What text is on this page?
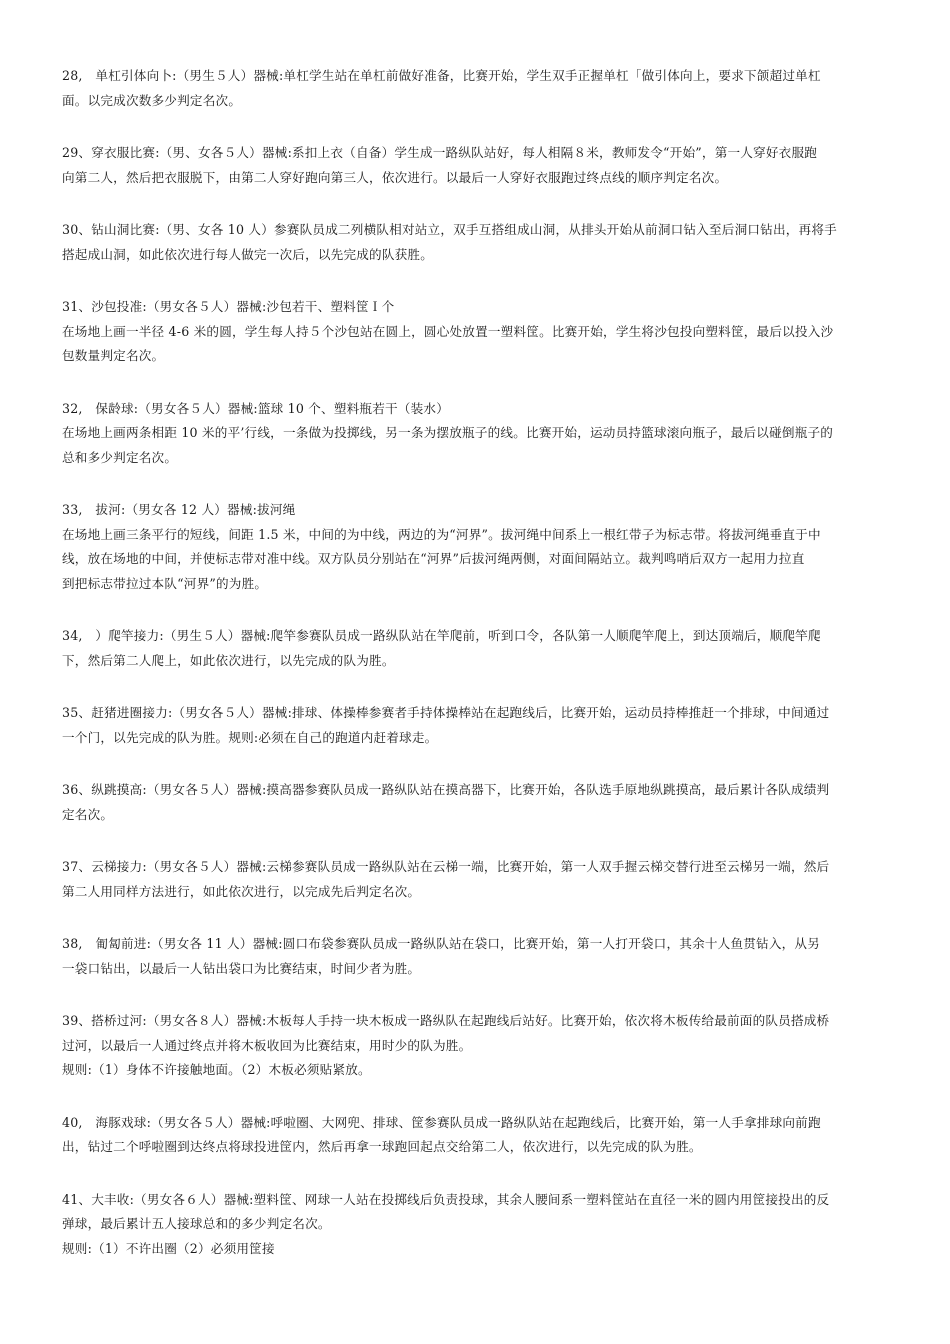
28,　单杠引体向卜:（男生５人）器械:单杠学生站在单杠前做好准备，比赛开始，学生双手正握单杠「做引体向上，要求下颌超过单杠
面。以完成次数多少判定名次。
29、穿衣服比赛:（男、女各５人）器械:系扣上衣（自备）学生成一路纵队站好，每人相隔８米，教师发令“开始”，第一人穿好衣服跑
向第二人，然后把衣服脱下，由第二人穿好跑向第三人，依次进行。以最后一人穿好衣服跑过终点线的顺序判定名次。
30、钻山洞比赛:（男、女各 10 人）参赛队员成二列横队相对站立，双手互搭组成山洞，从排头开始从前洞口钻入至后洞口钻出，再将手
搭起成山洞，如此依次进行每人做完一次后，以先完成的队获胜。
31、沙包投准:（男女各５人）器械:沙包若干、塑料筐Ｉ个
在场地上画一半径 4-6 米的圆，学生每人持５个沙包站在圆上，圆心处放置一塑料筐。比赛开始，学生将沙包投向塑料筐，最后以投入沙
包数量判定名次。
32,　保龄球:（男女各５人）器械:篮球 10 个、塑料瓶若干（装水）
在场地上画两条相距 10 米的平’行线，一条做为投掷线，另一条为摆放瓶子的线。比赛开始，运动员持篮球滚向瓶子，最后以碰倒瓶子的
总和多少判定名次。
33,　拔河:（男女各 12 人）器械:拔河绳
在场地上画三条平行的短线，间距 1.5 米，中间的为中线，两边的为“河界”。拔河绳中间系上一根红带子为标志带。将拔河绳垂直于中
线，放在场地的中间，并使标志带对准中线。双方队员分别站在“河界”后拔河绳两侧，对面间隔站立。裁判鸣哨后双方一起用力拉直
到把标志带拉过本队“河界”的为胜。
34,　）爬竿接力:（男生５人）器械:爬竿参赛队员成一路纵队站在竿爬前，听到口令，各队第一人顺爬竿爬上，到达顶端后，顺爬竿爬
下，然后第二人爬上，如此依次进行，以先完成的队为胜。
35、赶猪进圈接力:（男女各５人）器械:排球、体操棒参赛者手持体操棒站在起跑线后，比赛开始，运动员持棒推赶一个排球，中间通过
一个门，以先完成的队为胜。规则:必须在自己的跑道内赶着球走。
36、纵跳摸高:（男女各５人）器械:摸高器参赛队员成一路纵队站在摸高器下，比赛开始，各队选手原地纵跳摸高，最后累计各队成绩判
定名次。
37、云梯接力:（男女各５人）器械:云梯参赛队员成一路纵队站在云梯一端，比赛开始，第一人双手握云梯交替行进至云梯另一端，然后
第二人用同样方法进行，如此依次进行，以完成先后判定名次。
38,　匍匐前进:（男女各 11 人）器械:圆口布袋参赛队员成一路纵队站在袋口，比赛开始，第一人打开袋口，其余十人鱼贯钻入，从另
一袋口钻出，以最后一人钻出袋口为比赛结束，时间少者为胜。
39、搭桥过河:（男女各８人）器械:木板每人手持一块木板成一路纵队在起跑线后站好。比赛开始，依次将木板传给最前面的队员搭成桥
过河，以最后一人通过终点并将木板收回为比赛结束，用时少的队为胜。
规则:（1）身体不许接触地面。（2）木板必须贴紧放。
40,　海豚戏球:（男女各５人）器械:呼啦圈、大网兜、排球、筐参赛队员成一路纵队站在起跑线后，比赛开始，第一人手拿排球向前跑
出，钻过二个呼啦圈到达终点将球投进筐内，然后再拿一球跑回起点交给第二人，依次进行，以先完成的队为胜。
41、大丰收:（男女各６人）器械:塑料筐、网球一人站在投掷线后负责投球，其余人腰间系一塑料筐站在直径一米的圆内用筐接投出的反
弹球，最后累计五人接球总和的多少判定名次。
规则:（1）不许出圈（2）必须用筐接
